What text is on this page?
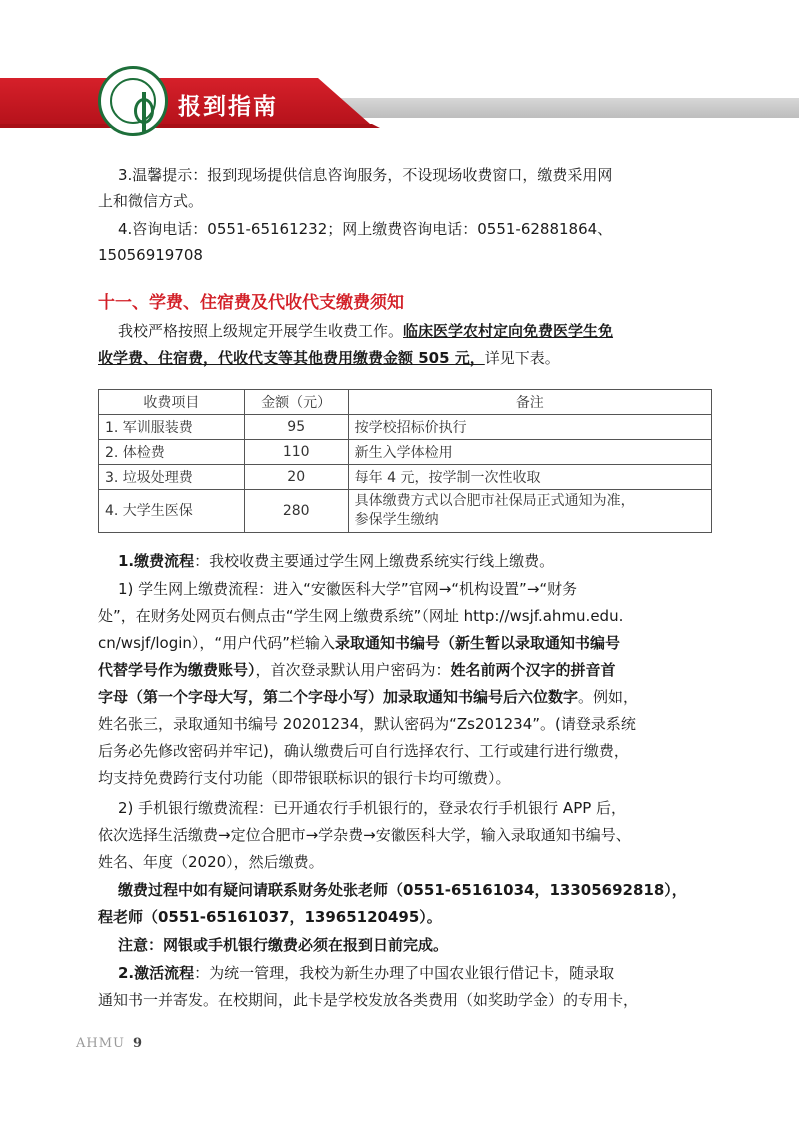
报到指南
3.温馨提示：报到现场提供信息咨询服务，不设现场收费窗口，缴费采用网
上和微信方式。
4.咨询电话：0551-65161232；网上缴费咨询电话：0551-62881864、
15056919708
十一、学费、住宿费及代收代支缴费须知
我校严格按照上级规定开展学生收费工作。临床医学农村定向免费医学生免
收学费、住宿费，代收代支等其他费用缴费金额 505 元，详见下表。
收费项目	金额（元）	备注
1. 军训服装费	95	按学校招标价执行
2. 体检费	110	新生入学体检用
3. 垃圾处理费	20	每年 4 元，按学制一次性收取
4. 大学生医保	280	具体缴费方式以合肥市社保局正式通知为准，
参保学生缴纳
1.缴费流程：我校收费主要通过学生网上缴费系统实行线上缴费。
1) 学生网上缴费流程：进入“安徽医科大学”官网→“机构设置”→“财务
处”，在财务处网页右侧点击“学生网上缴费系统”（网址 http://wsjf.ahmu.edu.
cn/wsjf/login），“用户代码”栏输入录取通知书编号（新生暂以录取通知书编号
代替学号作为缴费账号），首次登录默认用户密码为：姓名前两个汉字的拼音首
字母（第一个字母大写，第二个字母小写）加录取通知书编号后六位数字。例如，
姓名张三，录取通知书编号 20201234，默认密码为“Zs201234”。(请登录系统
后务必先修改密码并牢记)，确认缴费后可自行选择农行、工行或建行进行缴费，
均支持免费跨行支付功能（即带银联标识的银行卡均可缴费）。
2) 手机银行缴费流程：已开通农行手机银行的，登录农行手机银行 APP 后，
依次选择生活缴费→定位合肥市→学杂费→安徽医科大学，输入录取通知书编号、
姓名、年度（2020），然后缴费。
缴费过程中如有疑问请联系财务处张老师（0551-65161034，13305692818），
程老师（0551-65161037，13965120495）。
注意：网银或手机银行缴费必须在报到日前完成。
2.激活流程：为统一管理，我校为新生办理了中国农业银行借记卡，随录取
通知书一并寄发。在校期间，此卡是学校发放各类费用（如奖助学金）的专用卡，
AHMU 9
